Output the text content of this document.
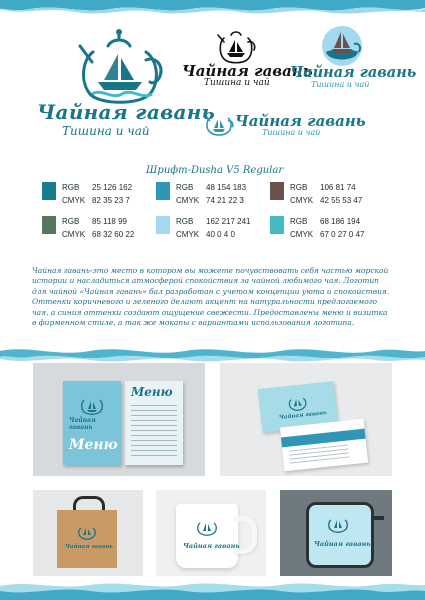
Чайная гавань
Тишина и чай
Чайная гавань
Тишина и чай
Чайная гавань
Тишина и чай
Чайная гавань
Тишина и чай
Шрифт-Dusha V5 Regular
RGB 25 126 162
CMYK 82 35 23 7
RGB 48 154 183
CMYK 74 21 22 3
RGB 106 81 74
CMYK 42 55 53 47
RGB 85 118 99
CMYK 68 32 60 22
RGB 162 217 241
CMYK 40 0 4 0
RGB 68 186 194
CMYK 67 0 27 0 47
Чайная гавань-это место в котором вы можете почувствовать себя частью морской истории и насладиться атмосферой спокойствия за чайной любимого чая. Логотип для чайной «Чайная гавань» бал разработан с учетом концепции уюта и спокойствия. Оттенки коричневого и зеленого делают акцент на натуральности предлогаемого чая, а синия оттенки создают ощущение свежести. Предоставлены меню и визитка в фирменном стиле, а так же мокапы с вариантами использования логотипа.
Чайная гавань
Меню
Меню
Чайная гавань
Чайная гавань	Чайная гавань	Чайная гавань
